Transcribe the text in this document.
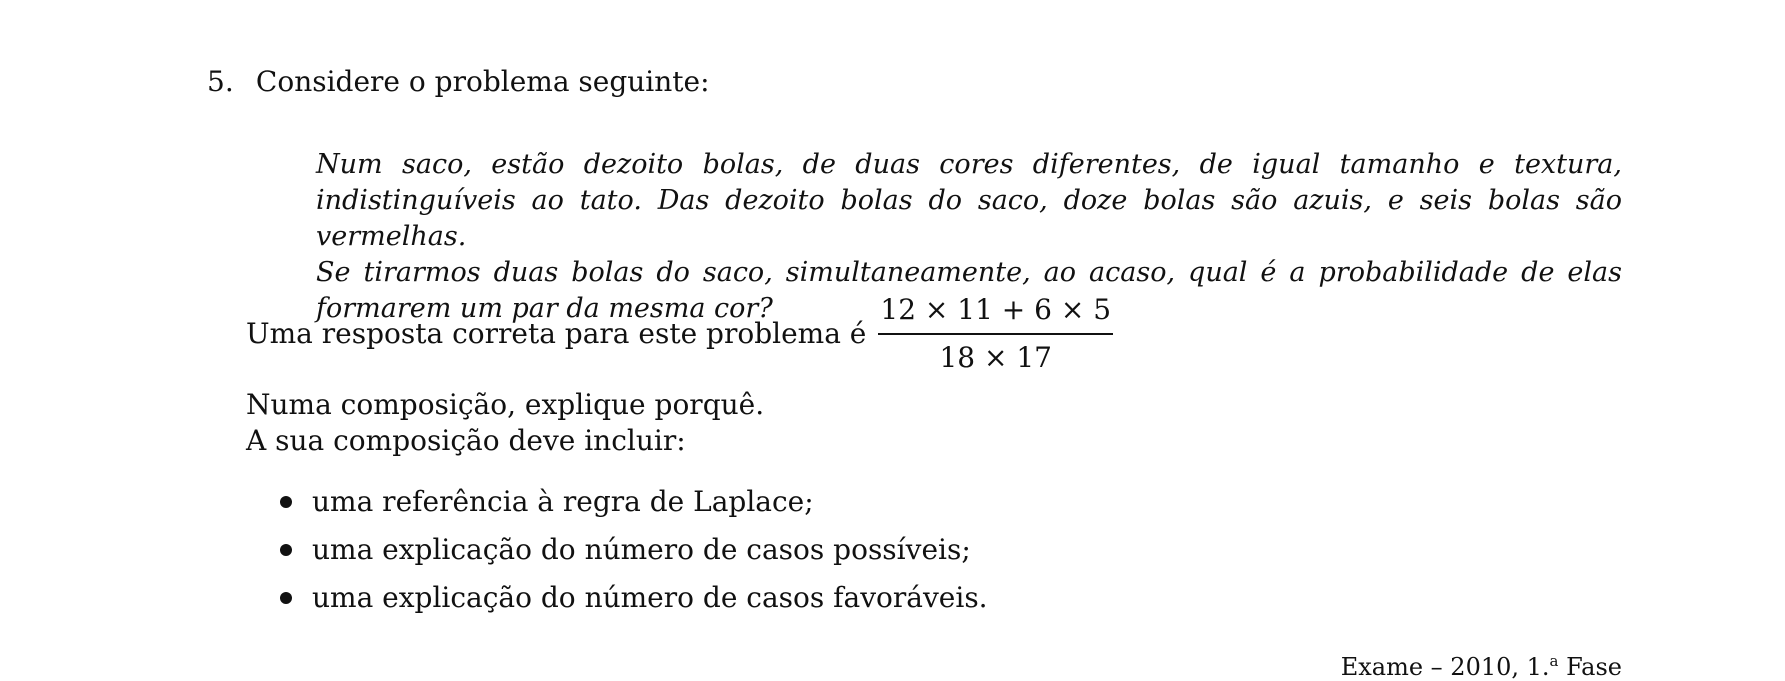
5. Considere o problema seguinte:

Num saco, estão dezoito bolas, de duas cores diferentes, de igual tamanho e textura, indistinguíveis ao tato. Das dezoito bolas do saco, doze bolas são azuis, e seis bolas são vermelhas.

Se tirarmos duas bolas do saco, simultaneamente, ao acaso, qual é a probabilidade de elas formarem um par da mesma cor?

Uma resposta correta para este problema é $\frac{12 \times 11 + 6 \times 5}{18 \times 17}$

Numa composição, explique porquê.

A sua composição deve incluir:

uma referência à regra de Laplace;
uma explicação do número de casos possíveis;
uma explicação do número de casos favoráveis.
Exame – 2010, 1.$^a$ Fase
